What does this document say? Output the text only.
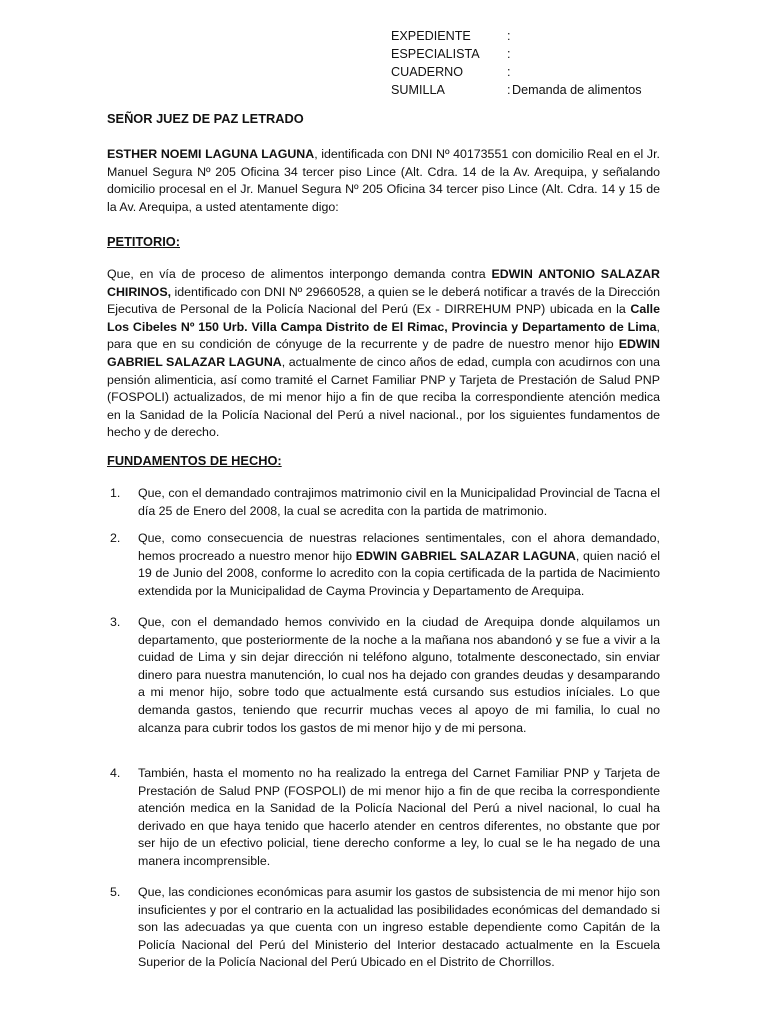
EXPEDIENTE	:
ESPECIALISTA	:
CUADERNO	:
SUMILLA	: Demanda de alimentos
SEÑOR JUEZ DE PAZ LETRADO
ESTHER NOEMI LAGUNA LAGUNA, identificada con DNI Nº 40173551 con domicilio Real en el Jr. Manuel Segura Nº 205 Oficina 34 tercer piso Lince (Alt. Cdra. 14 de la Av. Arequipa, y señalando domicilio procesal en el Jr. Manuel Segura Nº 205 Oficina 34 tercer piso Lince (Alt. Cdra. 14 y 15 de la Av. Arequipa, a usted atentamente digo:
PETITORIO:
Que, en vía de proceso de alimentos interpongo demanda contra EDWIN ANTONIO SALAZAR CHIRINOS, identificado con DNI Nº 29660528, a quien se le deberá notificar a través de la Dirección Ejecutiva de Personal de la Policía Nacional del Perú (Ex - DIRREHUM PNP) ubicada en la Calle Los Cibeles Nº 150 Urb. Villa Campa Distrito de El Rimac, Provincia y Departamento de Lima, para que en su condición de cónyuge de la recurrente y de padre de nuestro menor hijo EDWIN GABRIEL SALAZAR LAGUNA, actualmente de cinco años de edad, cumpla con acudirnos con una pensión alimenticia, así como tramité el Carnet Familiar PNP y Tarjeta de Prestación de Salud PNP (FOSPOLI) actualizados, de mi menor hijo a fin de que reciba la correspondiente atención medica en la Sanidad de la Policía Nacional del Perú a nivel nacional., por los siguientes fundamentos de hecho y de derecho.
FUNDAMENTOS DE HECHO:
1.	Que, con el demandado contrajimos matrimonio civil en la Municipalidad Provincial de Tacna el día 25 de Enero del 2008, la cual se acredita con la partida de matrimonio.
2.	Que, como consecuencia de nuestras relaciones sentimentales, con el ahora demandado, hemos procreado a nuestro menor hijo EDWIN GABRIEL SALAZAR LAGUNA, quien nació el 19 de Junio del 2008, conforme lo acredito con la copia certificada de la partida de Nacimiento extendida por la Municipalidad de Cayma Provincia y Departamento de Arequipa.
3.	Que, con el demandado hemos convivido en la ciudad de Arequipa donde alquilamos un departamento, que posteriormente de la noche a la mañana nos abandonó y se fue a vivir a la cuidad de Lima y sin dejar dirección ni teléfono alguno, totalmente desconectado, sin enviar dinero para nuestra manutención, lo cual nos ha dejado con grandes deudas y desamparando a mi menor hijo, sobre todo que actualmente está cursando sus estudios iníciales. Lo que demanda gastos, teniendo que recurrir muchas veces al apoyo de mi familia, lo cual no alcanza para cubrir todos los gastos de mi menor hijo y de mi persona.
4.	También, hasta el momento no ha realizado la entrega del Carnet Familiar PNP y Tarjeta de Prestación de Salud PNP (FOSPOLI) de mi menor hijo a fin de que reciba la correspondiente atención medica en la Sanidad de la Policía Nacional del Perú a nivel nacional, lo cual ha derivado en que haya tenido que hacerlo atender en centros diferentes, no obstante que por ser hijo de un efectivo policial, tiene derecho conforme a ley, lo cual se le ha negado de una manera incomprensible.
5.	Que, las condiciones económicas para asumir los gastos de subsistencia de mi menor hijo son insuficientes y por el contrario en la actualidad las posibilidades económicas del demandado si son las adecuadas ya que cuenta con un ingreso estable dependiente como Capitán de la Policía Nacional del Perú del Ministerio del Interior destacado actualmente en la Escuela Superior de la Policía Nacional del Perú Ubicado en el Distrito de Chorrillos.
